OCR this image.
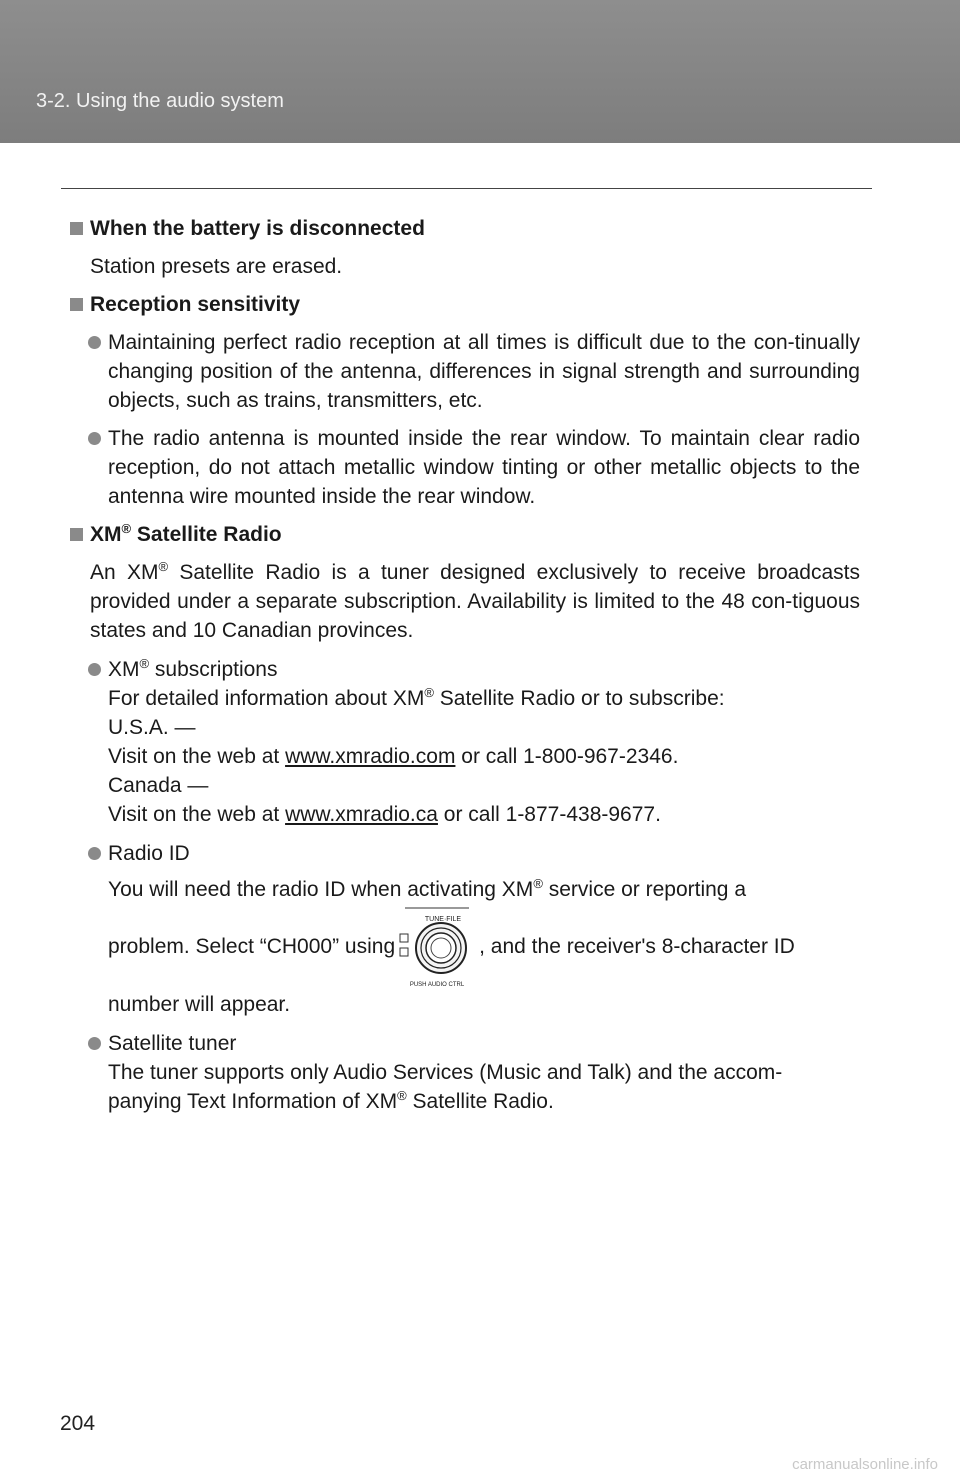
3-2. Using the audio system
When the battery is disconnected
Station presets are erased.
Reception sensitivity
Maintaining perfect radio reception at all times is difficult due to the con-tinually changing position of the antenna, differences in signal strength and surrounding objects, such as trains, transmitters, etc.
The radio antenna is mounted inside the rear window. To maintain clear radio reception, do not attach metallic window tinting or other metallic objects to the antenna wire mounted inside the rear window.
XM® Satellite Radio
An XM® Satellite Radio is a tuner designed exclusively to receive broadcasts provided under a separate subscription. Availability is limited to the 48 con-tiguous states and 10 Canadian provinces.
XM® subscriptions
For detailed information about XM® Satellite Radio or to subscribe:
U.S.A. —
Visit on the web at www.xmradio.com or call 1-800-967-2346.
Canada —
Visit on the web at www.xmradio.ca or call 1-877-438-9677.
Radio ID
You will need the radio ID when activating XM® service or reporting a
problem. Select “CH000” using
TUNE·FILE
PUSH AUDIO CTRL
, and the receiver's 8-character ID
number will appear.
Satellite tuner
The tuner supports only Audio Services (Music and Talk) and the accom-
panying Text Information of XM® Satellite Radio.
204
carmanualsonline.info
